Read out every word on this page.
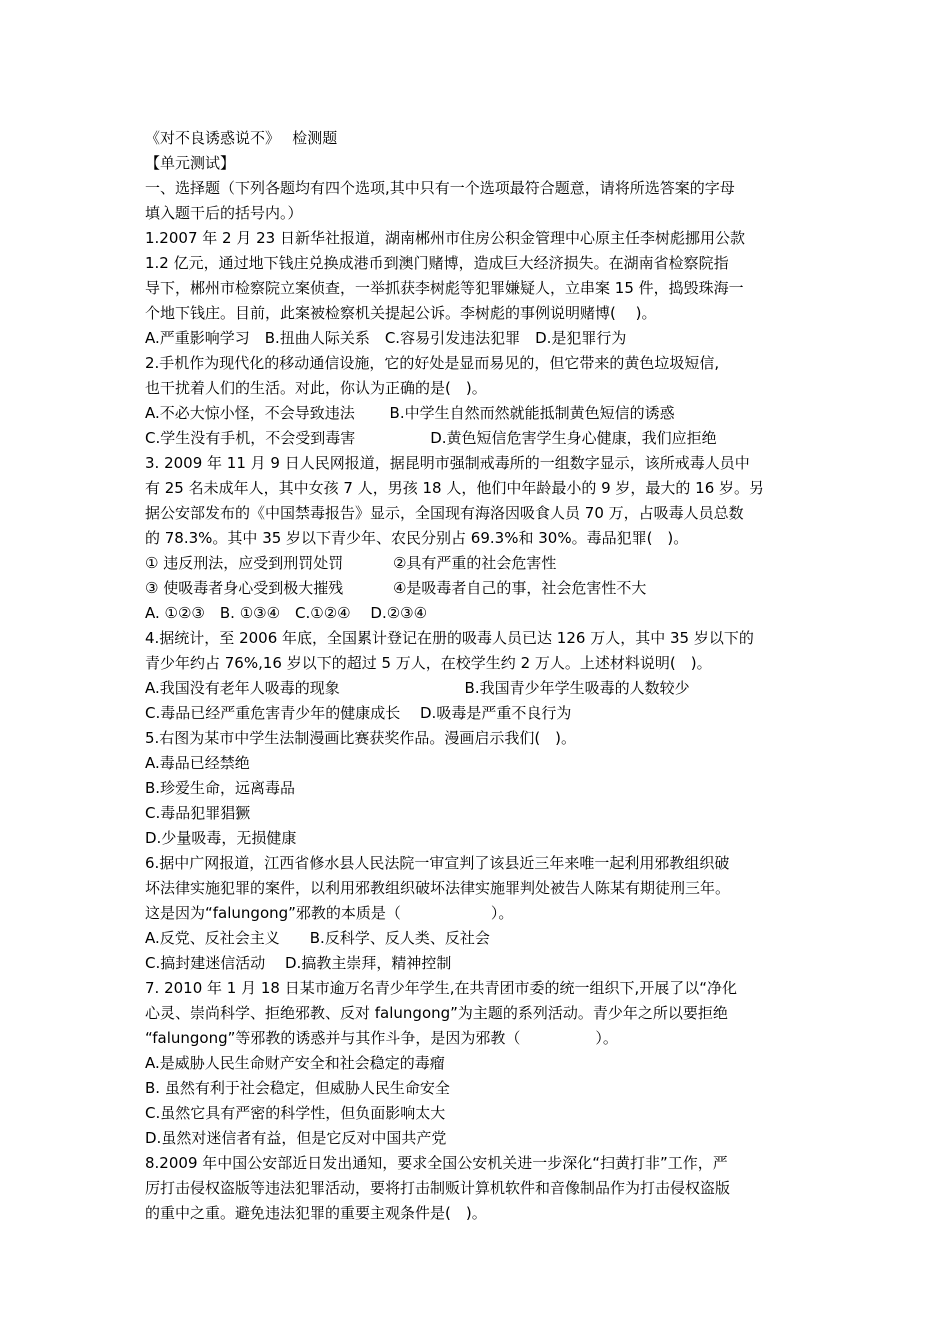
《对不良诱惑说不》　 检测题
【单元测试】
一、选择题（下列各题均有四个选项,其中只有一个选项最符合题意，请将所选答案的字母
填入题干后的括号内。）
1.2007 年 2 月 23 日新华社报道，湖南郴州市住房公积金管理中心原主任李树彪挪用公款
1.2 亿元，通过地下钱庄兑换成港币到澳门赌博，造成巨大经济损失。在湖南省检察院指
导下，郴州市检察院立案侦查，一举抓获李树彪等犯罪嫌疑人，立串案 15 件，捣毁珠海一
个地下钱庄。目前，此案被检察机关提起公诉。李树彪的事例说明赌博(　 )。
A.严重影响学习　B.扭曲人际关系　C.容易引发违法犯罪　D.是犯罪行为
2.手机作为现代化的移动通信设施，它的好处是显而易见的，但它带来的黄色垃圾短信,
也干扰着人们的生活。对此，你认为正确的是(　)。
A.不必大惊小怪，不会导致违法　　 B.中学生自然而然就能抵制黄色短信的诱惑
C.学生没有手机，不会受到毒害　　　　　D.黄色短信危害学生身心健康，我们应拒绝
3. 2009 年 11 月 9 日人民网报道，据昆明市强制戒毒所的一组数字显示，该所戒毒人员中
有 25 名未成年人，其中女孩 7 人，男孩 18 人，他们中年龄最小的 9 岁，最大的 16 岁。另
据公安部发布的《中国禁毒报告》显示，全国现有海洛因吸食人员 70 万，占吸毒人员总数
的 78.3%。其中 35 岁以下青少年、农民分别占 69.3%和 30%。毒品犯罪(　)。
① 违反刑法，应受到刑罚处罚　　　 ②具有严重的社会危害性
③ 使吸毒者身心受到极大摧残　　　 ④是吸毒者自己的事，社会危害性不大
A. ①②③　B. ①③④　C.①②④　 D.②③④
4.据统计，至 2006 年底，全国累计登记在册的吸毒人员已达 126 万人，其中 35 岁以下的
青少年约占 76%,16 岁以下的超过 5 万人，在校学生约 2 万人。上述材料说明(　)。
A.我国没有老年人吸毒的现象　　　　　　　　 B.我国青少年学生吸毒的人数较少
C.毒品已经严重危害青少年的健康成长　 D.吸毒是严重不良行为
5.右图为某市中学生法制漫画比赛获奖作品。漫画启示我们(　)。
A.毒品已经禁绝
B.珍爱生命，远离毒品
C.毒品犯罪猖獗
D.少量吸毒，无损健康
6.据中广网报道，江西省修水县人民法院一审宣判了该县近三年来唯一起利用邪教组织破
坏法律实施犯罪的案件，以利用邪教组织破坏法律实施罪判处被告人陈某有期徒刑三年。
这是因为“falungong”邪教的本质是（　　　　　　）。
A.反党、反社会主义　　B.反科学、反人类、反社会
C.搞封建迷信活动　 D.搞教主崇拜，精神控制
7. 2010 年 1 月 18 日某市逾万名青少年学生,在共青团市委的统一组织下,开展了以“净化
心灵、崇尚科学、拒绝邪教、反对 falungong”为主题的系列活动。青少年之所以要拒绝
“falungong”等邪教的诱惑并与其作斗争，是因为邪教（　　　　　）。
A.是威胁人民生命财产安全和社会稳定的毒瘤
B. 虽然有利于社会稳定，但威胁人民生命安全
C.虽然它具有严密的科学性，但负面影响太大
D.虽然对迷信者有益，但是它反对中国共产党
8.2009 年中国公安部近日发出通知，要求全国公安机关进一步深化“扫黄打非”工作，严
厉打击侵权盗版等违法犯罪活动，要将打击制贩计算机软件和音像制品作为打击侵权盗版
的重中之重。避免违法犯罪的重要主观条件是(　)。
